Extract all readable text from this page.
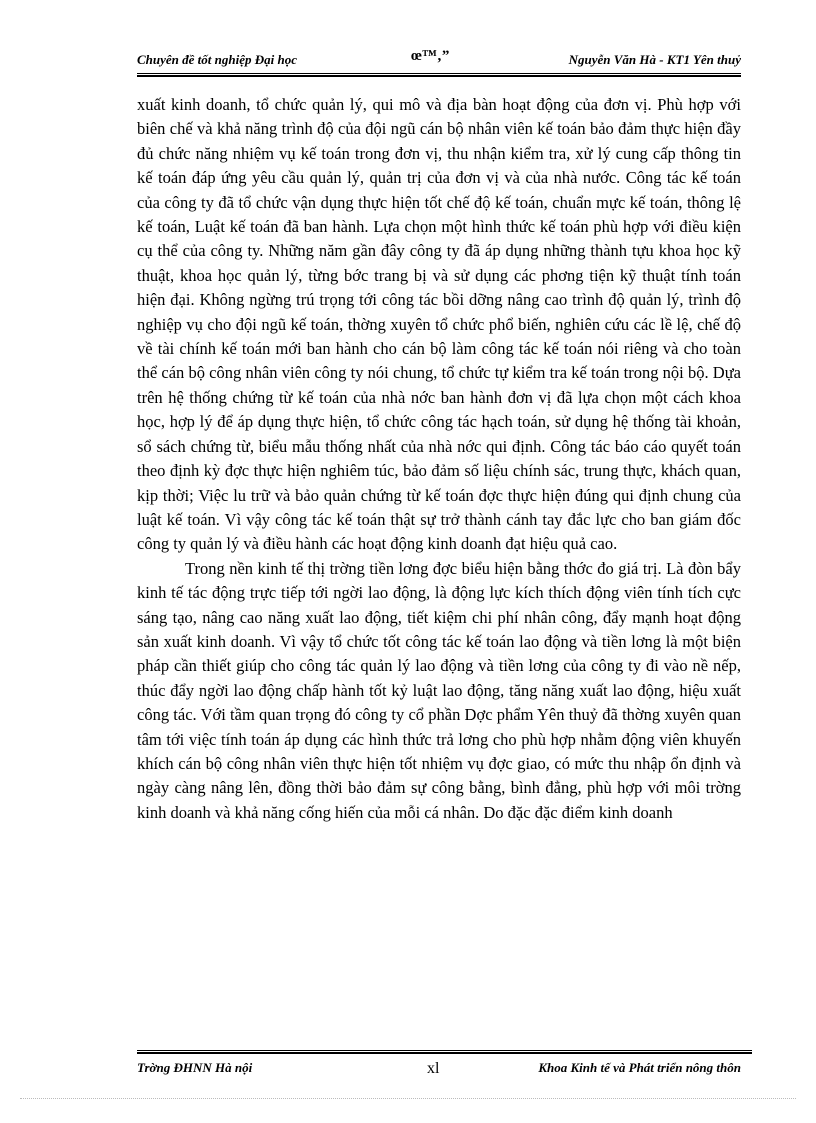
Chuyên đề tốt nghiệp Đại học	œ™‚”	Nguyễn Văn Hà - KT1 Yên thuỷ

xuất kinh doanh, tổ chức quản lý, qui mô và địa bàn hoạt động của đơn vị. Phù hợp với biên chế và khả năng trình độ của đội ngũ cán bộ nhân viên kế toán bảo đảm thực hiện đầy đủ chức năng nhiệm vụ kế toán trong đơn vị, thu nhận kiểm tra, xử lý cung cấp thông tin kế toán đáp ứng yêu cầu quản lý, quản trị của đơn vị và của nhà nước. Công tác kế toán của công ty đã tổ chức vận dụng thực hiện tốt chế độ kế toán, chuẩn mực kế toán, thông lệ kế toán, Luật kế toán đã ban hành. Lựa chọn một hình thức kế toán phù hợp với điều kiện cụ thể của công ty. Những năm gần đây công ty đã áp dụng những thành tựu khoa học kỹ thuật, khoa học quản lý, từng bớc trang bị và sử dụng các phơng tiện kỹ thuật tính toán hiện đại. Không ngừng trú trọng tới công tác bồi dỡng nâng cao trình độ quản lý, trình độ nghiệp vụ cho đội ngũ kế toán, thờng xuyên tổ chức phổ biến, nghiên cứu các lề lệ, chế độ về tài chính kế toán mới ban hành cho cán bộ làm công tác kế toán nói riêng và cho toàn thể cán bộ công nhân viên công ty nói chung, tổ chức tự kiểm tra kế toán trong nội bộ. Dựa trên hệ thống chứng từ kế toán của nhà nớc ban hành đơn vị đã lựa chọn một cách khoa học, hợp lý để áp dụng thực hiện, tổ chức công tác hạch toán, sử dụng hệ thống tài khoản, sổ sách chứng từ, biểu mẫu thống nhất của nhà nớc qui định. Công tác báo cáo quyết toán theo định kỳ đợc thực hiện nghiêm túc, bảo đảm số liệu chính sác, trung thực, khách quan, kịp thời; Việc lu trữ và bảo quản chứng từ kế toán đợc thực hiện đúng qui định chung của luật kế toán. Vì vậy công tác kế toán thật sự trở thành cánh tay đắc lực cho ban giám đốc công ty quản lý và điều hành các hoạt động kinh doanh đạt hiệu quả cao.

Trong nền kinh tế thị trờng tiền lơng đợc biểu hiện bằng thớc đo giá trị. Là đòn bẩy kinh tế tác động trực tiếp tới ngời lao động, là động lực kích thích động viên tính tích cực sáng tạo, nâng cao năng xuất lao động, tiết kiệm chi phí nhân công, đẩy mạnh hoạt động sản xuất kinh doanh. Vì vậy tổ chức tốt công tác kế toán lao động và tiền lơng là một biện pháp cần thiết giúp cho công tác quản lý lao động và tiền lơng của công ty đi vào nề nếp, thúc đẩy ngời lao động chấp hành tốt kỷ luật lao động, tăng năng xuất lao động, hiệu xuất công tác. Với tầm quan trọng đó công ty cổ phần Dợc phẩm Yên thuỷ đã thờng xuyên quan tâm tới việc tính toán áp dụng các hình thức trả lơng cho phù hợp nhằm động viên khuyến khích cán bộ công nhân viên thực hiện tốt nhiệm vụ đợc giao, có mức thu nhập ổn định và ngày càng nâng lên, đồng thời bảo đảm sự công bằng, bình đẳng, phù hợp với môi trờng kinh doanh và khả năng cống hiến của mỗi cá nhân. Do đặc đặc điểm kinh doanh

Trờng ĐHNN Hà nội	xl	Khoa Kinh tế và Phát triển nông thôn
